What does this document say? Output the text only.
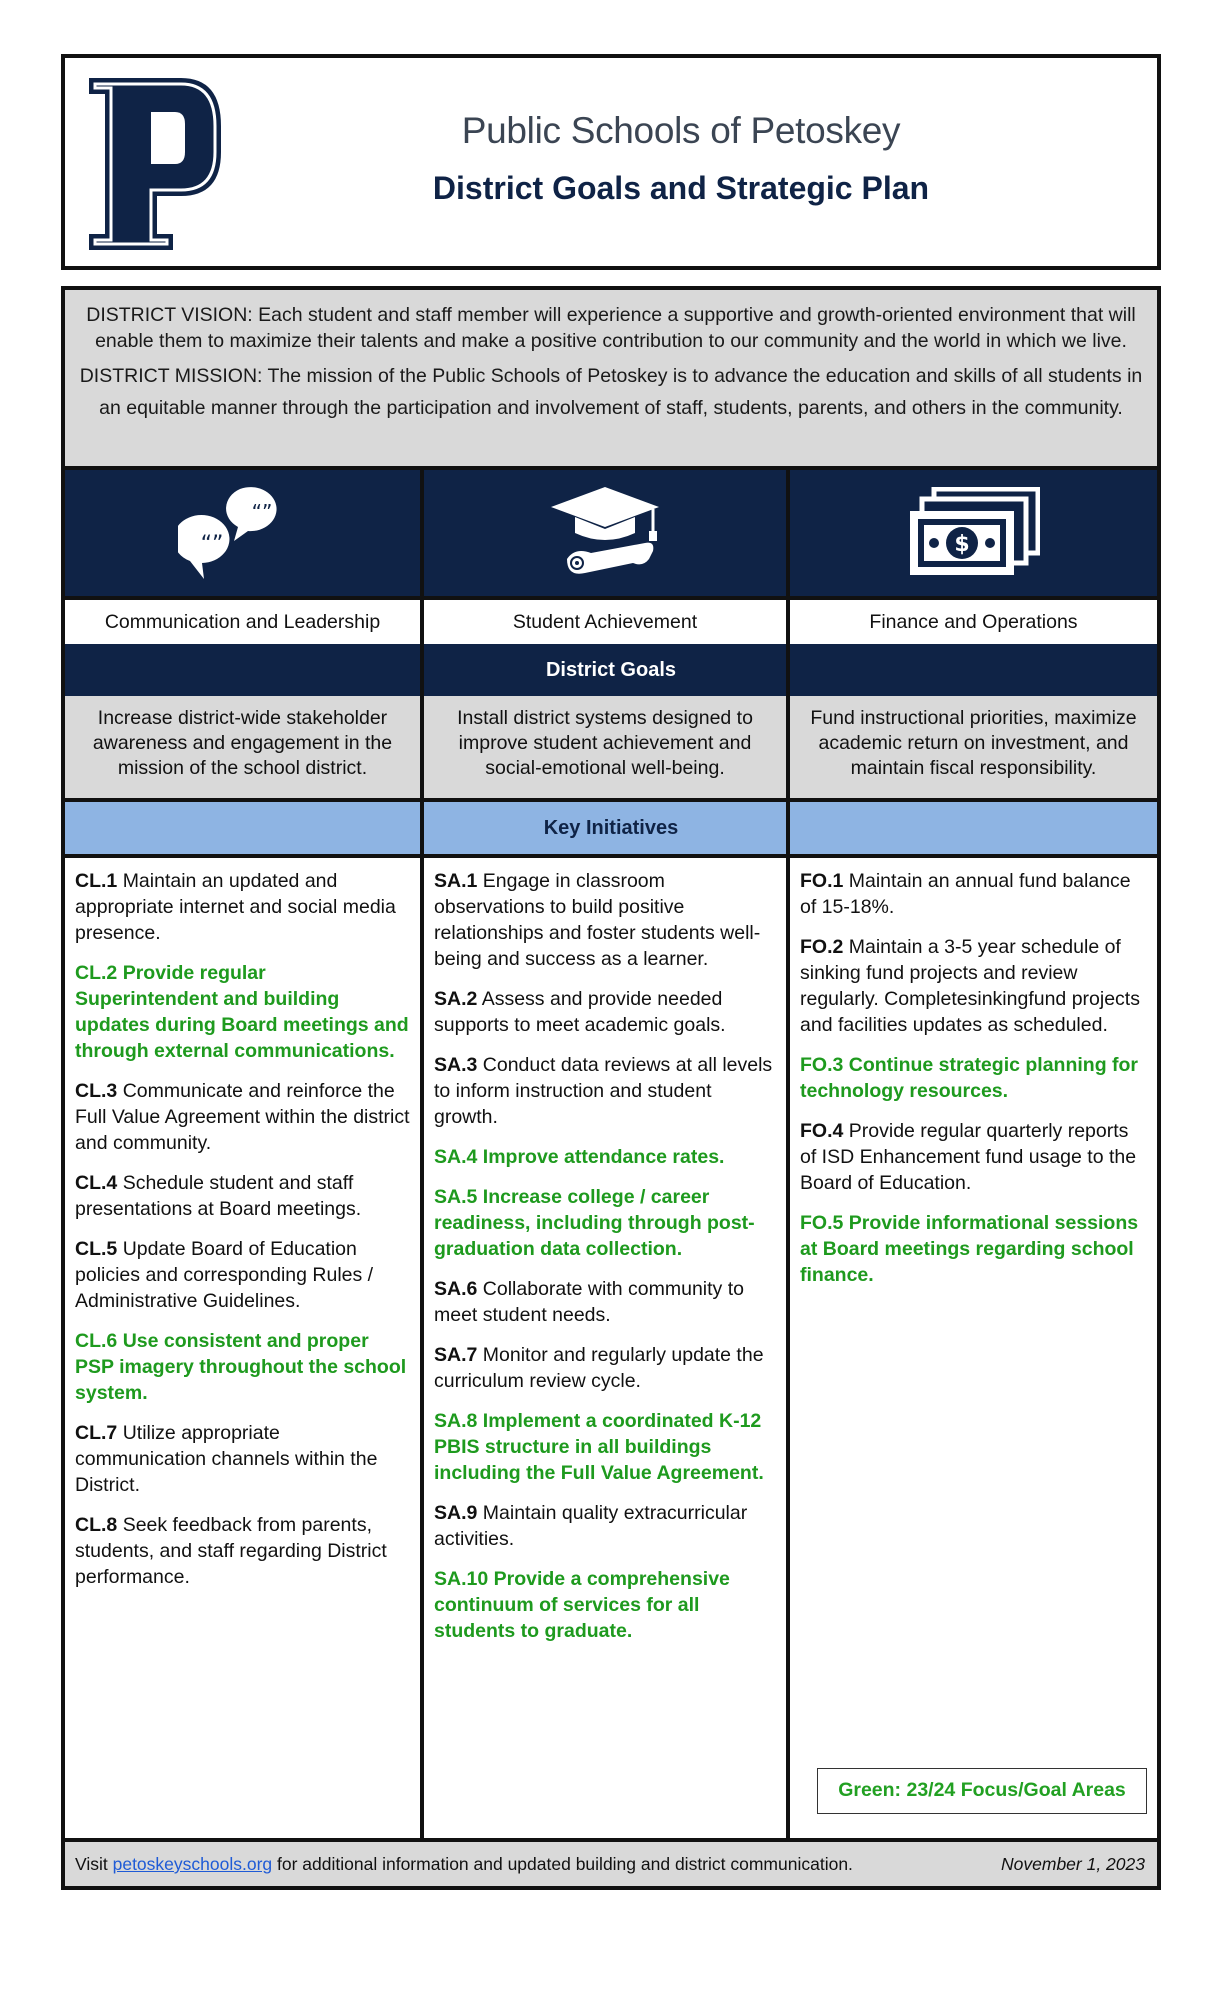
Public Schools of Petoskey
District Goals and Strategic Plan
DISTRICT VISION: Each student and staff member will experience a supportive and growth-oriented environment that will enable them to maximize their talents and make a positive contribution to our community and the world in which we live.
DISTRICT MISSION: The mission of the Public Schools of Petoskey is to advance the education and skills of all students in an equitable manner through the participation and involvement of staff, students, parents, and others in the community.
“”
“”	$
Communication and Leadership	Student Achievement	Finance and Operations
District Goals
Increase district-wide stakeholder awareness and engagement in the mission of the school district.
Install district systems designed to improve student achievement and social-emotional well-being.
Fund instructional priorities, maximize academic return on investment, and maintain fiscal responsibility.
Key Initiatives
CL.1 Maintain an updated and appropriate internet and social media presence.
CL.2 Provide regular Superintendent and building updates during Board meetings and through external communications.
CL.3 Communicate and reinforce the Full Value Agreement within the district and community.
CL.4 Schedule student and staff presentations at Board meetings.
CL.5 Update Board of Education policies and corresponding Rules / Administrative Guidelines.
CL.6 Use consistent and proper PSP imagery throughout the school system.
CL.7 Utilize appropriate communication channels within the District.
CL.8 Seek feedback from parents, students, and staff regarding District performance.
SA.1 Engage in classroom observations to build positive relationships and foster students well-being and success as a learner.
SA.2 Assess and provide needed supports to meet academic goals.
SA.3 Conduct data reviews at all levels to inform instruction and student growth.
SA.4 Improve attendance rates.
SA.5 Increase college / career readiness, including through post-graduation data collection.
SA.6 Collaborate with community to meet student needs.
SA.7 Monitor and regularly update the curriculum review cycle.
SA.8 Implement a coordinated K-12 PBIS structure in all buildings including the Full Value Agreement.
SA.9 Maintain quality extracurricular activities.
SA.10 Provide a comprehensive continuum of services for all students to graduate.
FO.1 Maintain an annual fund balance of 15-18%.
FO.2 Maintain a 3-5 year schedule of sinking fund projects and review regularly. Completesinkingfund projects and facilities updates as scheduled.
FO.3 Continue strategic planning for technology resources.
FO.4 Provide regular quarterly reports of ISD Enhancement fund usage to the Board of Education.
FO.5 Provide informational sessions at Board meetings regarding school finance.
Green: 23/24 Focus/Goal Areas
Visit petoskeyschools.org for additional information and updated building and district communication.	November 1, 2023
